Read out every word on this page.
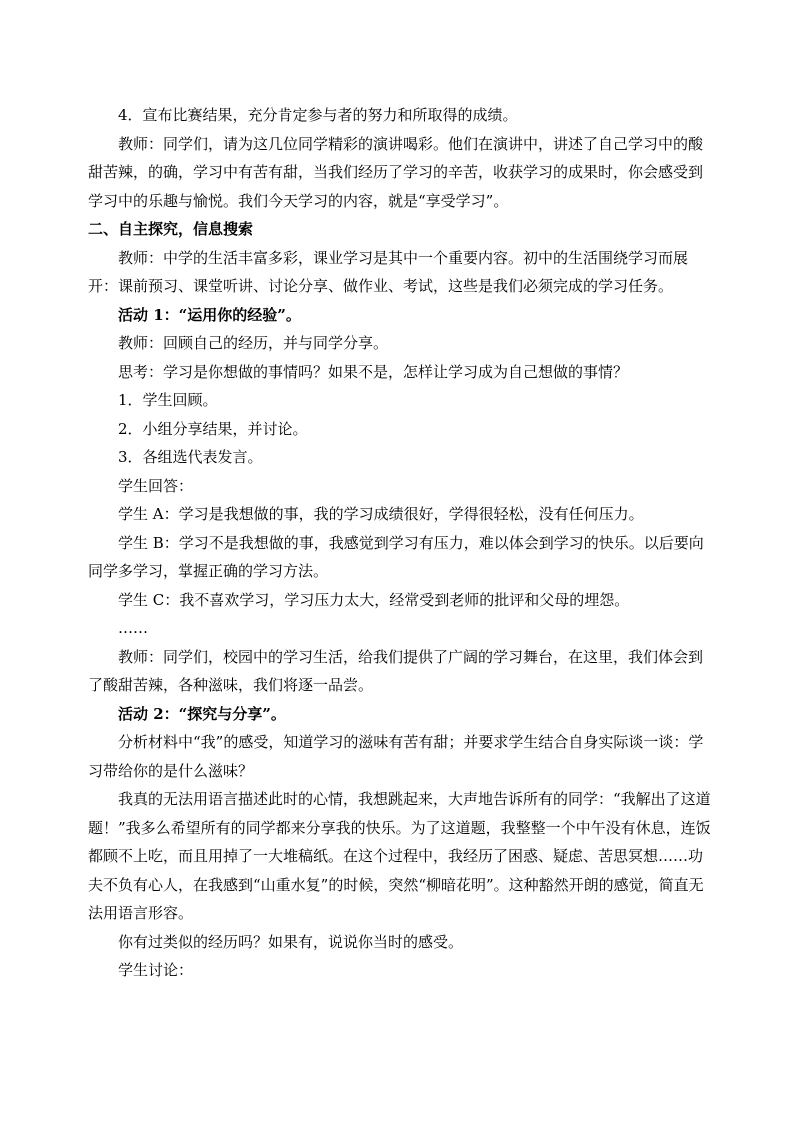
4．宣布比赛结果，充分肯定参与者的努力和所取得的成绩。

教师：同学们，请为这几位同学精彩的演讲喝彩。他们在演讲中，讲述了自己学习中的酸甜苦辣，的确，学习中有苦有甜，当我们经历了学习的辛苦，收获学习的成果时，你会感受到学习中的乐趣与愉悦。我们今天学习的内容，就是“享受学习”。

二、自主探究，信息搜索

教师：中学的生活丰富多彩，课业学习是其中一个重要内容。初中的生活围绕学习而展开：课前预习、课堂听讲、讨论分享、做作业、考试，这些是我们必须完成的学习任务。

活动 1：“运用你的经验”。

教师：回顾自己的经历，并与同学分享。

思考：学习是你想做的事情吗？如果不是，怎样让学习成为自己想做的事情？

1．学生回顾。

2．小组分享结果，并讨论。

3．各组选代表发言。

学生回答：

学生 A：学习是我想做的事，我的学习成绩很好，学得很轻松，没有任何压力。

学生 B：学习不是我想做的事，我感觉到学习有压力，难以体会到学习的快乐。以后要向同学多学习，掌握正确的学习方法。

学生 C：我不喜欢学习，学习压力太大，经常受到老师的批评和父母的埋怨。

……

教师：同学们，校园中的学习生活，给我们提供了广阔的学习舞台，在这里，我们体会到了酸甜苦辣，各种滋味，我们将逐一品尝。

活动 2：“探究与分享”。

分析材料中“我”的感受，知道学习的滋味有苦有甜；并要求学生结合自身实际谈一谈：学习带给你的是什么滋味？

我真的无法用语言描述此时的心情，我想跳起来，大声地告诉所有的同学：“我解出了这道题！”我多么希望所有的同学都来分享我的快乐。为了这道题，我整整一个中午没有休息，连饭都顾不上吃，而且用掉了一大堆稿纸。在这个过程中，我经历了困惑、疑虑、苦思冥想……功夫不负有心人，在我感到“山重水复”的时候，突然“柳暗花明”。这种豁然开朗的感觉，简直无法用语言形容。

你有过类似的经历吗？如果有，说说你当时的感受。

学生讨论：
